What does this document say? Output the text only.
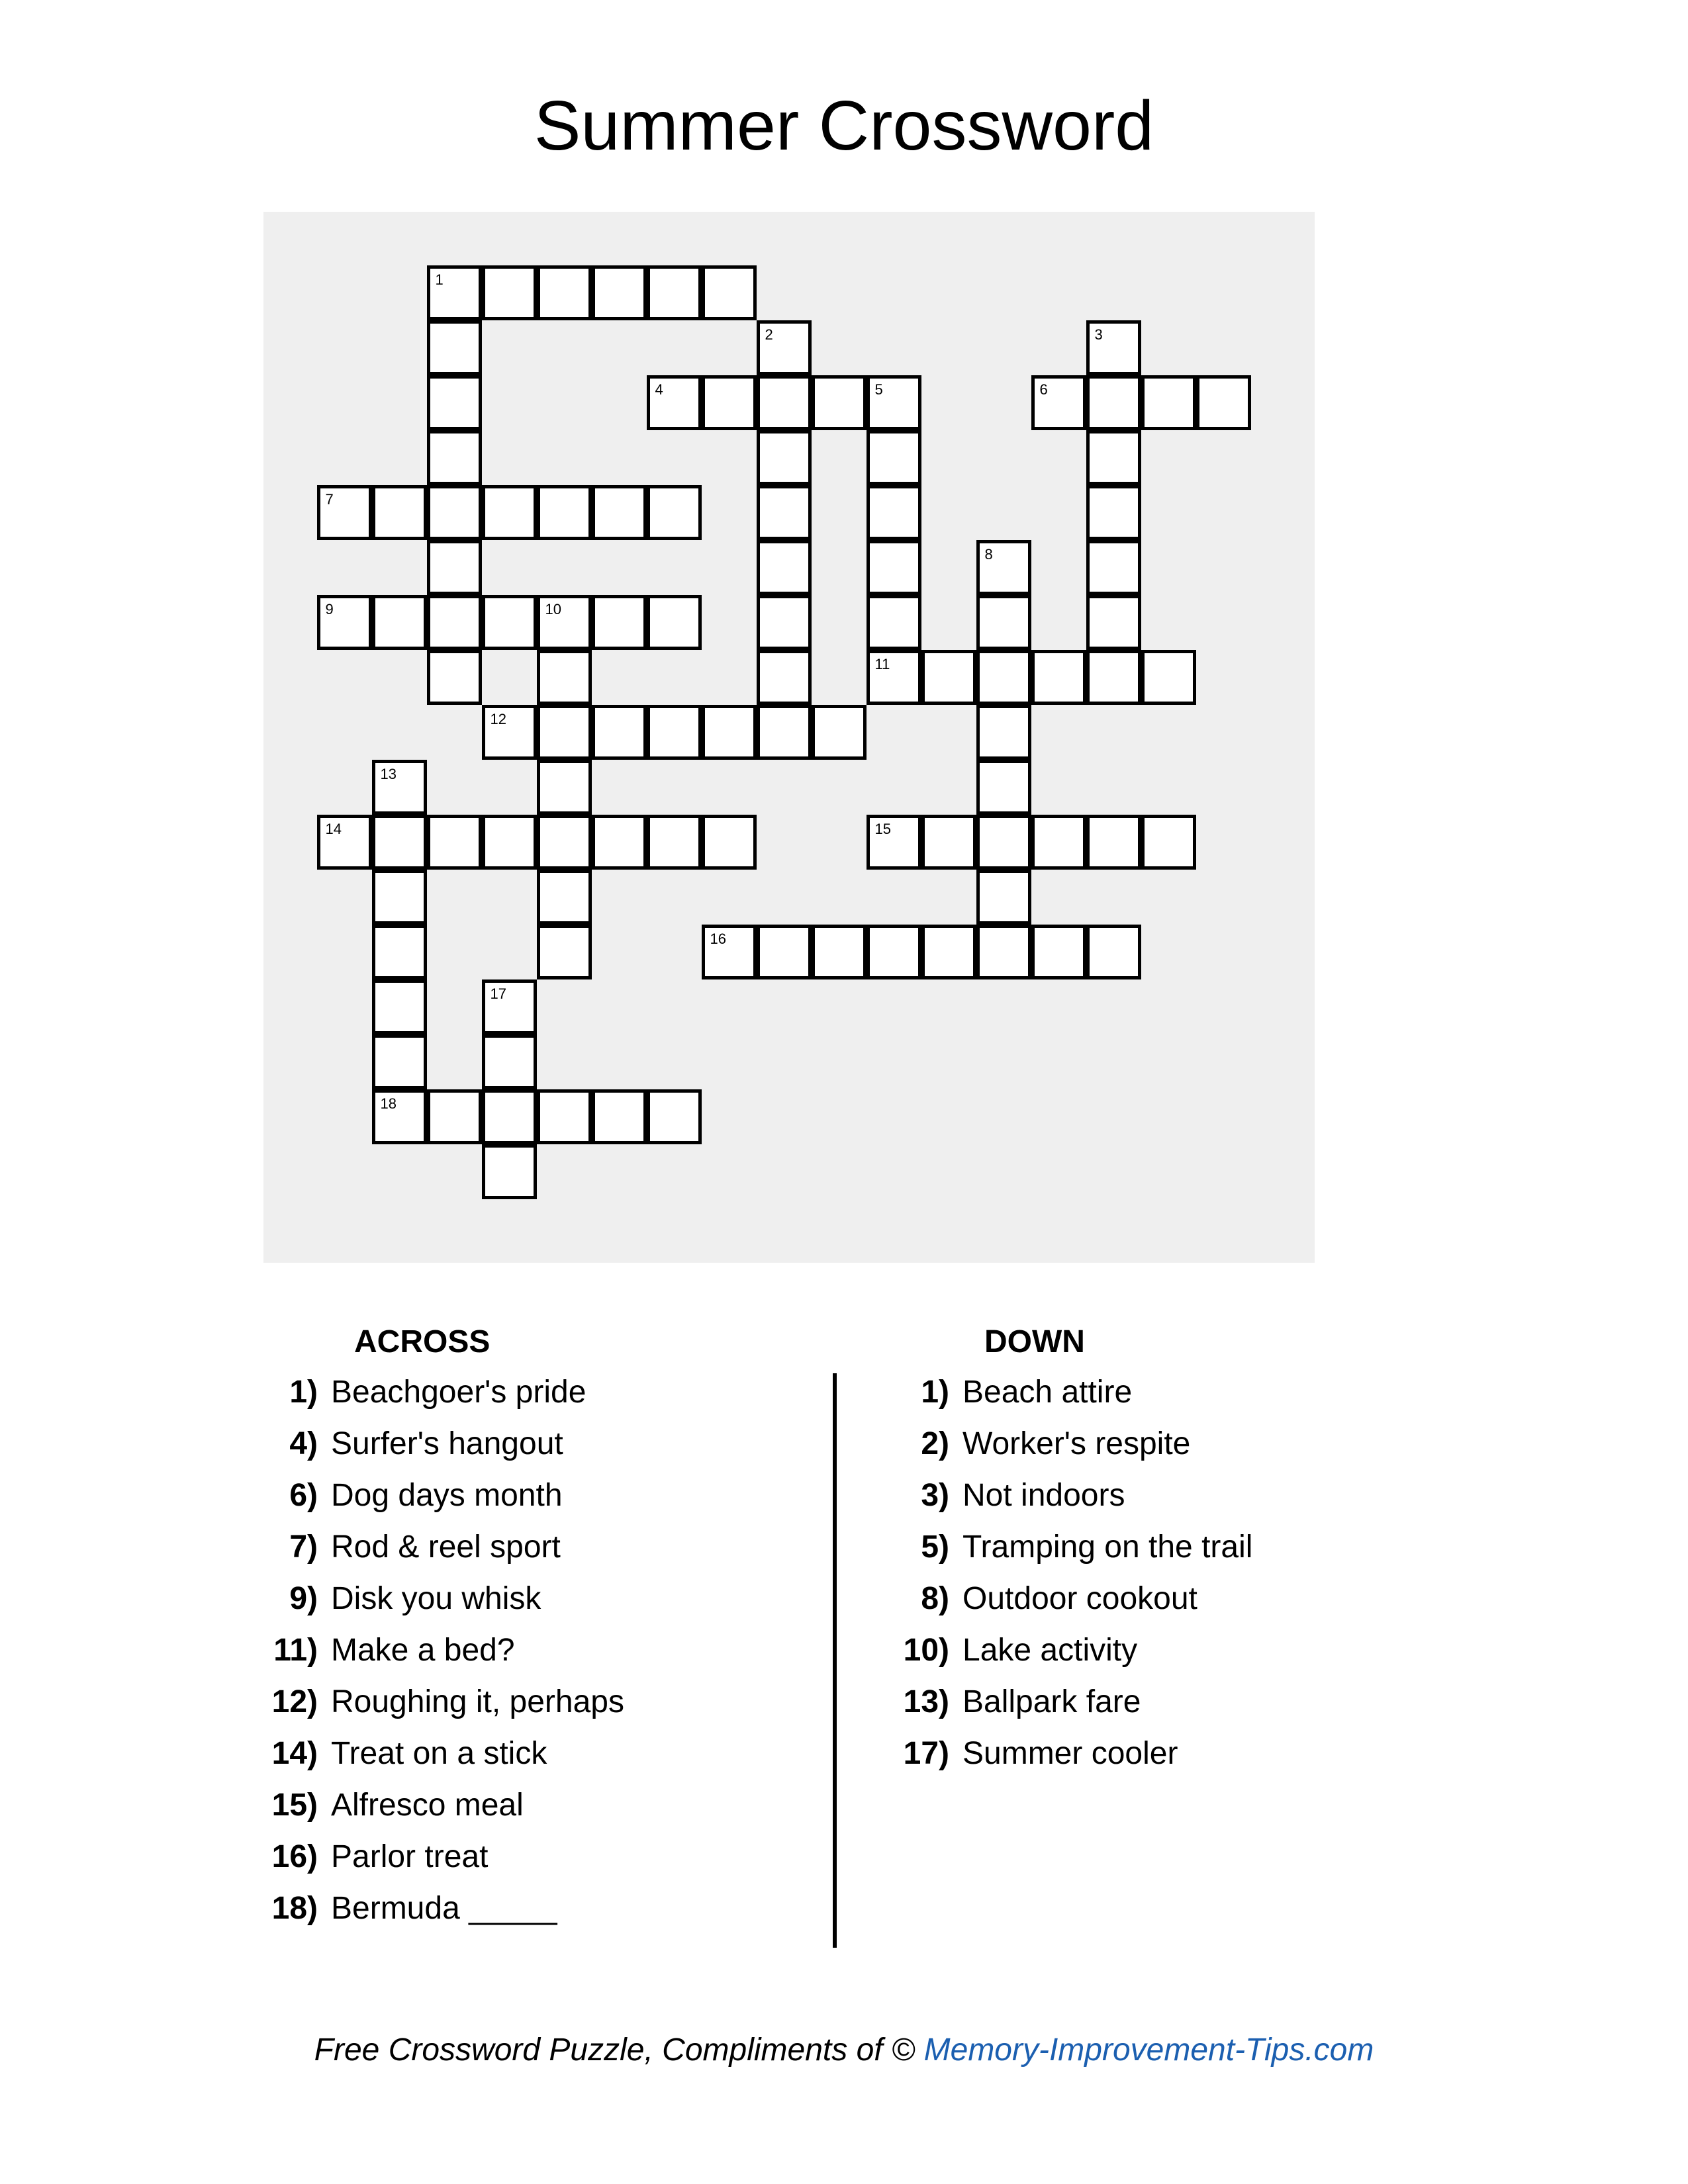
Summer Crossword
1
4	5	6
7
9	10
11
12
14	15
16
18
2	3
8
13
17
ACROSS	DOWN
1) Beachgoer's pride
4) Surfer's hangout
6) Dog days month
7) Rod & reel sport
9) Disk you whisk
11) Make a bed?
12) Roughing it, perhaps
14) Treat on a stick
15) Alfresco meal
16) Parlor treat
18) Bermuda _____
1) Beach attire
2) Worker's respite
3) Not indoors
5) Tramping on the trail
8) Outdoor cookout
10) Lake activity
13) Ballpark fare
17) Summer cooler
Free Crossword Puzzle, Compliments of © Memory-Improvement-Tips.com
